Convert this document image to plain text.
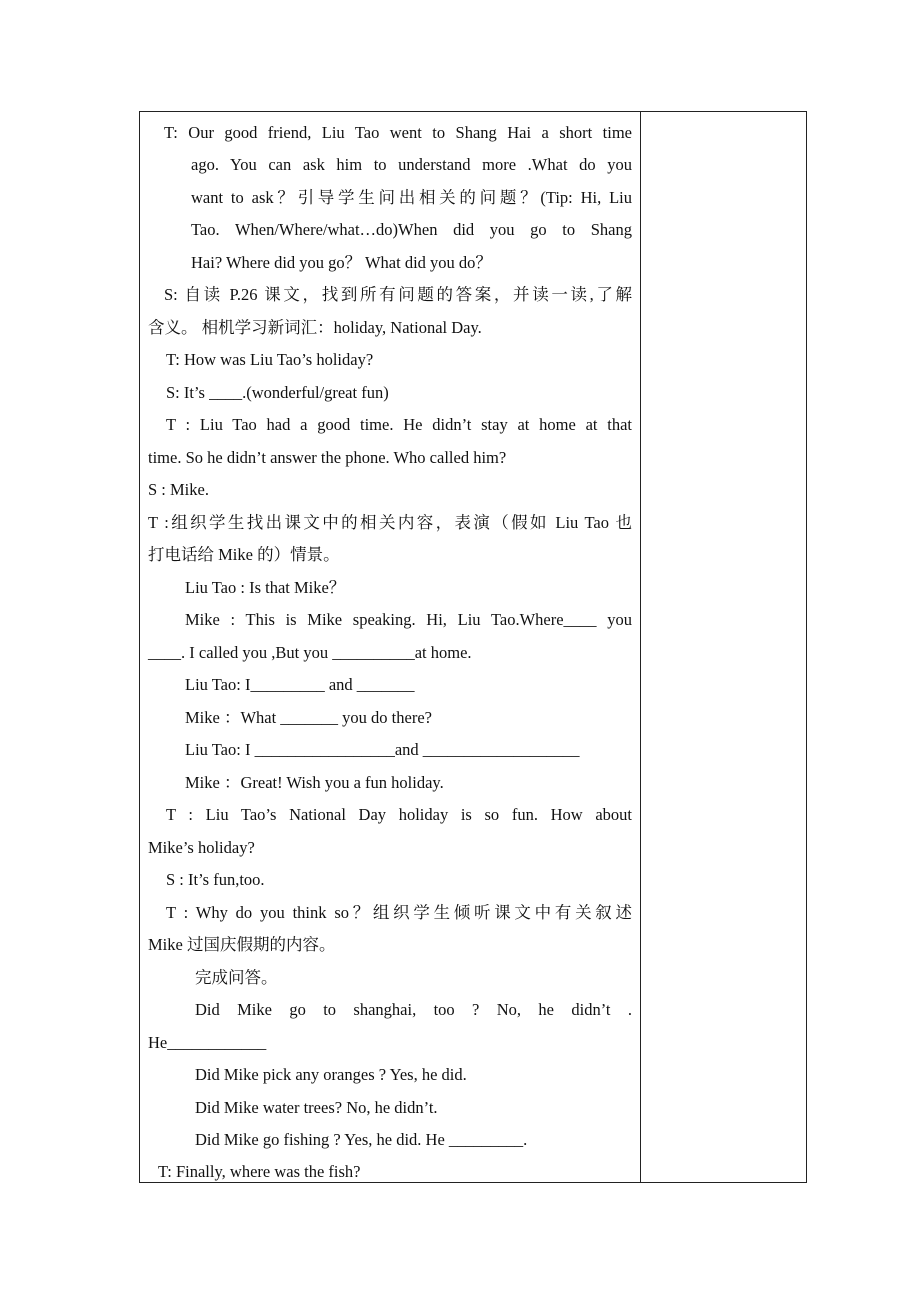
T: Our good friend, Liu Tao went to Shang Hai a short time
ago. You can ask him to understand more .What do you
want to ask？引导学生问出相关的问题？(Tip: Hi, Liu
Tao. When/Where/what…do)When did you go to Shang
Hai? Where did you go？ What did you do？
S: 自读 P.26 课文，找到所有问题的答案，并读一读,了解
含义。 相机学习新词汇：holiday, National Day.
T: How was Liu Tao’s holiday?
S: It’s ____.(wonderful/great fun)
T : Liu Tao had a good time. He didn’t stay at home at that
time. So he didn’t answer the phone. Who called him?
S : Mike.
T :组织学生找出课文中的相关内容，表演（假如 Liu Tao 也
打电话给 Mike 的）情景。
Liu Tao : Is that Mike？
Mike : This is Mike speaking. Hi, Liu Tao.Where____ you
____. I called you ,But you __________at home.
Liu Tao: I_________ and _______
Mike ：What _______ you do there?
Liu Tao: I _________________and ___________________
Mike ：Great! Wish you a fun holiday.
T : Liu Tao’s National Day holiday is so fun. How about
Mike’s holiday?
S : It’s fun,too.
T : Why do you think so？组织学生倾听课文中有关叙述
Mike 过国庆假期的内容。
完成问答。
Did Mike go to shanghai, too ? No, he didn’t .
He____________
Did Mike pick any oranges ? Yes, he did.
Did Mike water trees? No, he didn’t.
Did Mike go fishing ? Yes, he did. He _________.
T: Finally, where was the fish?
